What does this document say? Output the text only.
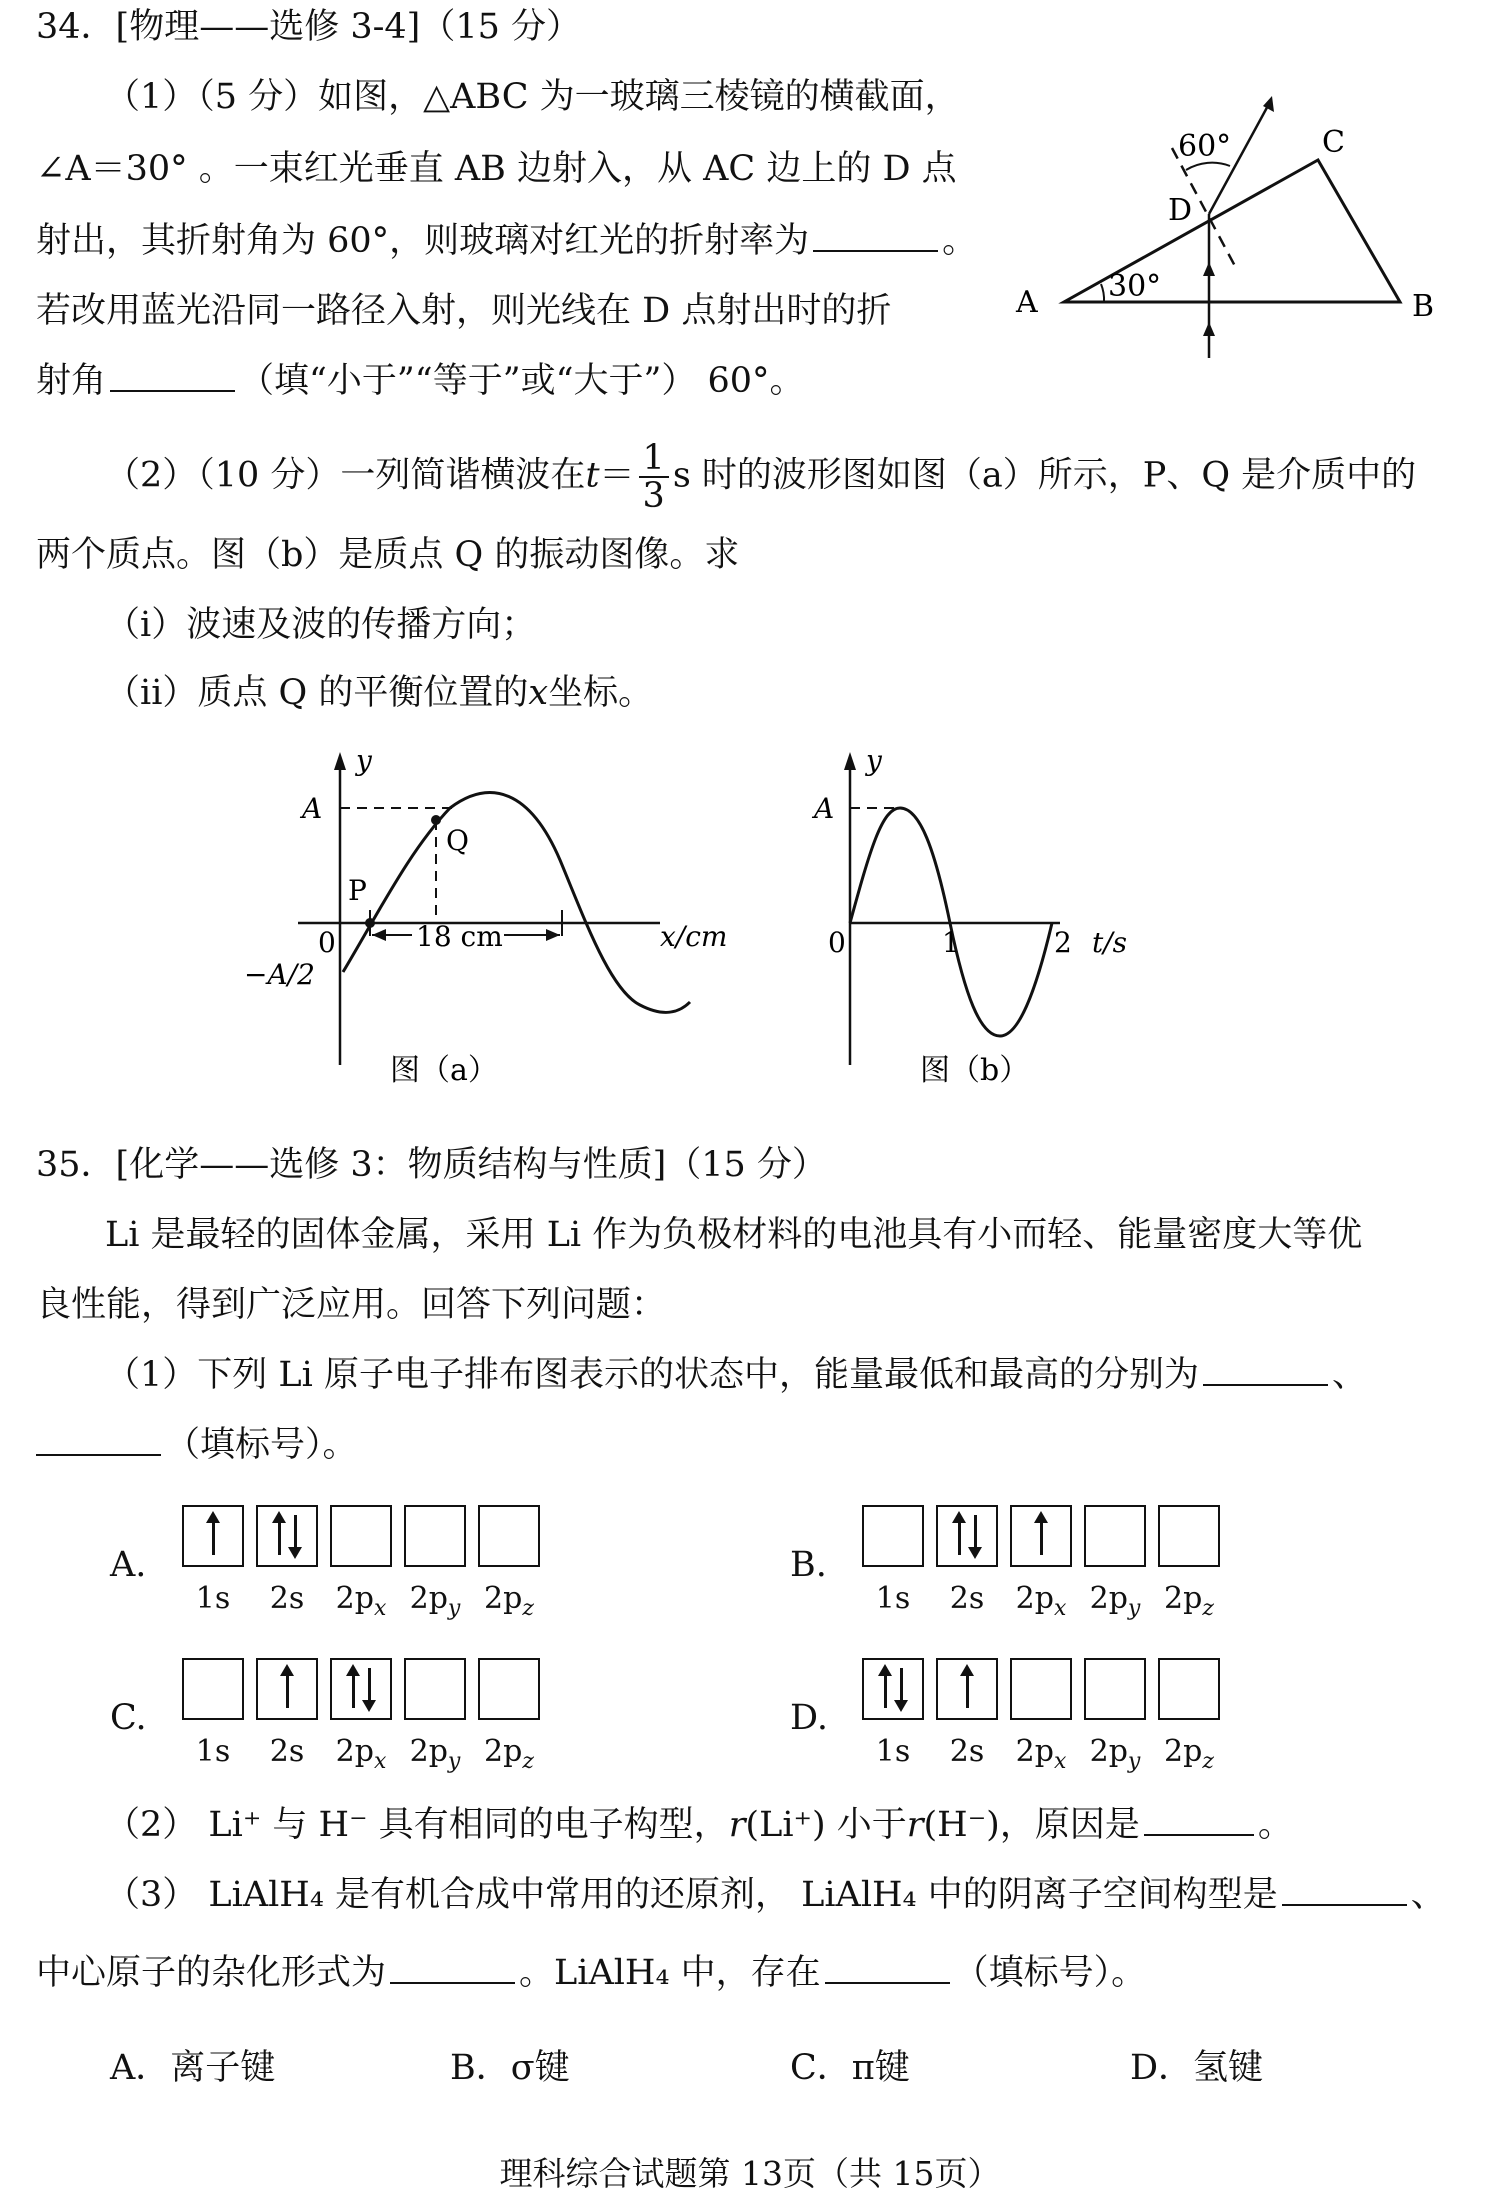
34．[物理——选修 3-4]（15 分）
（1）（5 分）如图，△ABC 为一玻璃三棱镜的横截面，
∠A＝30° 。一束红光垂直 AB 边射入，从 AC 边上的 D 点
射出，其折射角为 60°，则玻璃对红光的折射率为	。
若改用蓝光沿同一路径入射，则光线在 D 点射出时的折
射角	（填“小于”“等于”或“大于”） 60°。
60°	C
D
A 30°
B
（2）（10 分）一列简谐横波在$t= \frac{1}{3}$ s 时的波形图如图（a）所示，P、Q 是介质中的
两个质点。图（b）是质点 Q 的振动图像。求
（i）波速及波的传播方向；
（ii）质点 Q 的平衡位置的x坐标。
y
A
Q
P
0	18 cm	x/cm
−A/2
图（a）
y
A
0	1	2 t/s
图（b）
35．[化学——选修 3：物质结构与性质]（15 分）
Li 是最轻的固体金属，采用 Li 作为负极材料的电池具有小而轻、能量密度大等优
良性能，得到广泛应用。回答下列问题：
（1）下列 Li 原子电子排布图表示的状态中，能量最低和最高的分别为	、
（填标号）。
A.
1s	2s	$2p_x$ $2p_y$ $2p_z$
B.
1s	2s	$2p_x$ $2p_y$ $2p_z$
C.
1s	2s	$2p_x$ $2p_y$ $2p_z$
D.
1s	2s	$2p_x$ $2p_y$ $2p_z$
（2） Li⁺ 与 H⁻ 具有相同的电子构型，r(Li⁺) 小于r(H⁻)，原因是	。
（3） LiAlH₄ 是有机合成中常用的还原剂， LiAlH₄ 中的阴离子空间构型是	、
中心原子的杂化形式为	。LiAlH₄ 中，存在	（填标号）。
A．离子键	B．σ键	C．π键	D．氢键
理科综合试题第 13页（共 15页）
